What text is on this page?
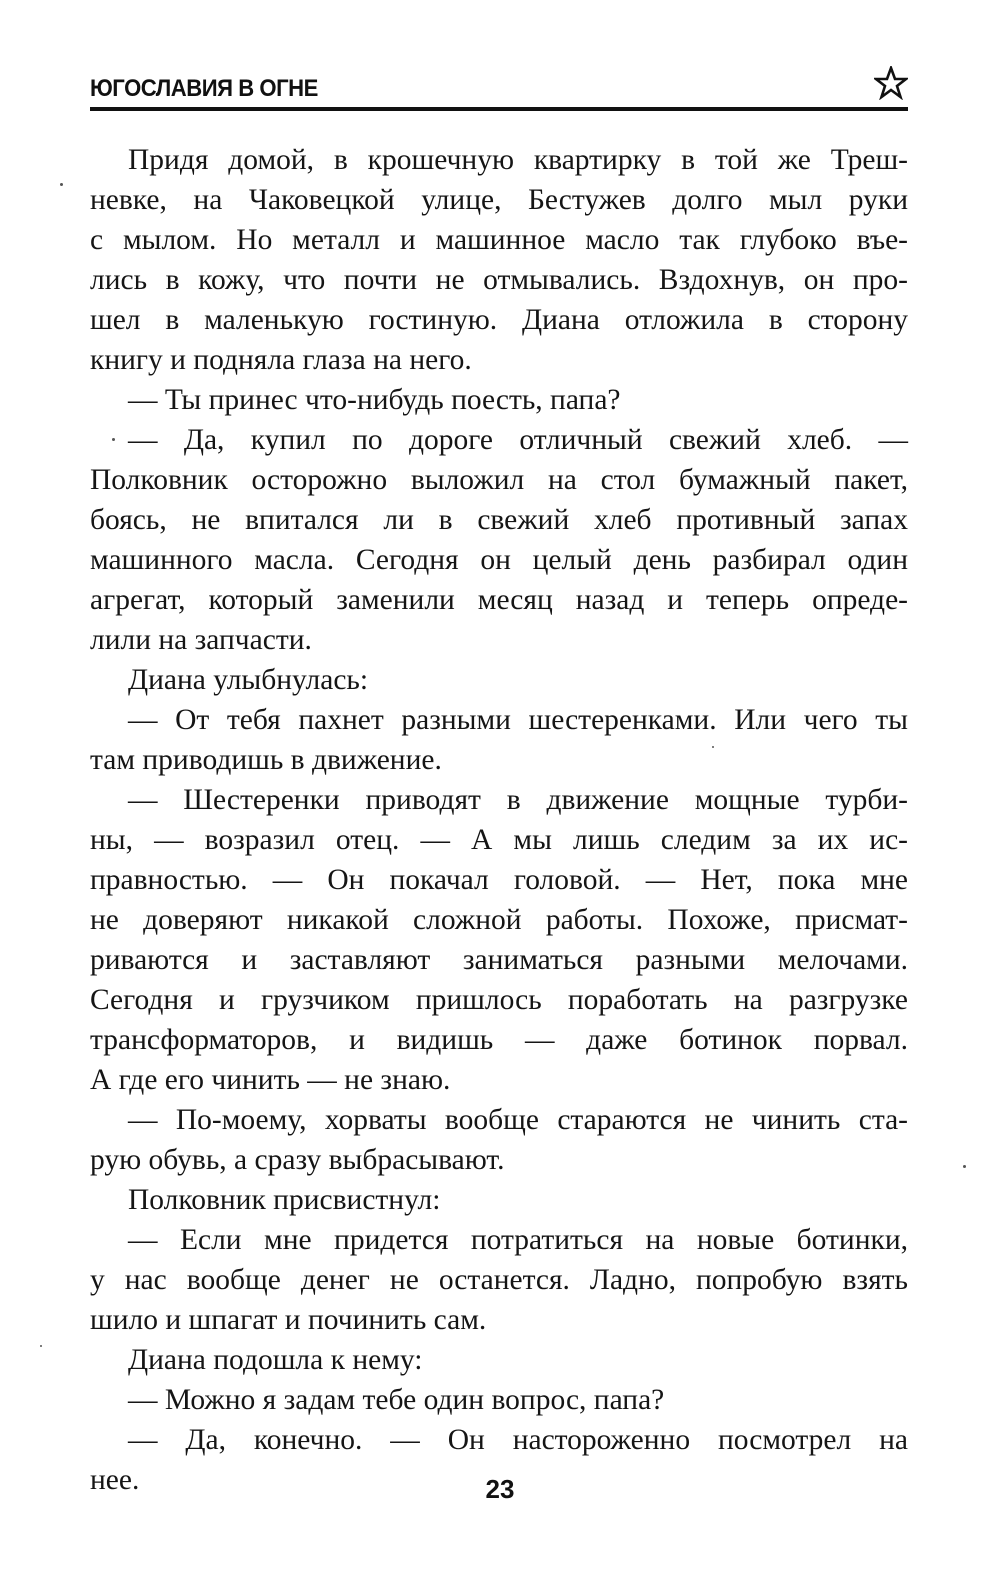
ЮГОСЛАВИЯ В ОГНЕ
Придя домой, в крошечную квартирку в той же Треш-
невке, на Чаковецкой улице, Бестужев долго мыл руки
с мылом. Но металл и машинное масло так глубоко въе-
лись в кожу, что почти не отмывались. Вздохнув, он про-
шел в маленькую гостиную. Диана отложила в сторону
книгу и подняла глаза на него.
— Ты принес что-нибудь поесть, папа?
— Да, купил по дороге отличный свежий хлеб. —
Полковник осторожно выложил на стол бумажный пакет,
боясь, не впитался ли в свежий хлеб противный запах
машинного масла. Сегодня он целый день разбирал один
агрегат, который заменили месяц назад и теперь опреде-
лили на запчасти.
Диана улыбнулась:
— От тебя пахнет разными шестеренками. Или чего ты
там приводишь в движение.
— Шестеренки приводят в движение мощные турби-
ны, — возразил отец. — А мы лишь следим за их ис-
правностью. — Он покачал головой. — Нет, пока мне
не доверяют никакой сложной работы. Похоже, присмат-
риваются и заставляют заниматься разными мелочами.
Сегодня и грузчиком пришлось поработать на разгрузке
трансформаторов, и видишь — даже ботинок порвал.
А где его чинить — не знаю.
— По-моему, хорваты вообще стараются не чинить ста-
рую обувь, а сразу выбрасывают.
Полковник присвистнул:
— Если мне придется потратиться на новые ботинки,
у нас вообще денег не останется. Ладно, попробую взять
шило и шпагат и починить сам.
Диана подошла к нему:
— Можно я задам тебе один вопрос, папа?
— Да, конечно. — Он настороженно посмотрел на
нее.	23
